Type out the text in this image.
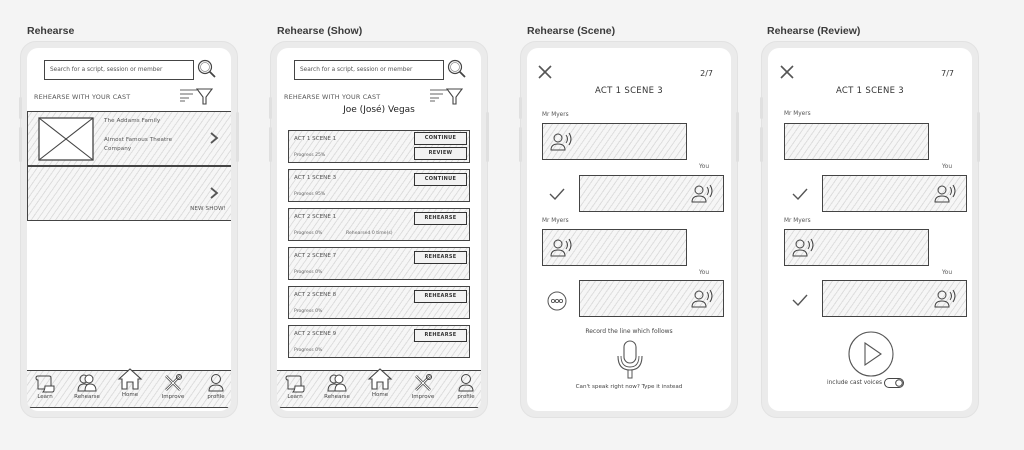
Rehearse	Rehearse (Show)	Rehearse (Scene)	Rehearse (Review)
Search for a script, session or member
REHEARSE WITH YOUR CAST
The Addams Family
Almost Famous Theatre Company
NEW SHOW!
Learn	Rehearse	Home	Improve	profile
Search for a script, session or member
REHEARSE WITH YOUR CAST
Joe (José) Vegas
ACT 1 SCENE 1
Progress 25%
CONTINUE
REVIEW
ACT 1 SCENE 3
Progress 95%
CONTINUE
ACT 2 SCENE 1
Progress 0%	Rehearsed 0 time(s)
REHEARSE
ACT 2 SCENE 7
Progress 0%
REHEARSE
ACT 2 SCENE 8
Progress 0%
REHEARSE
ACT 2 SCENE 9
Progress 0%
REHEARSE
Learn	Rehearse	Home	Improve	profile
2/7
ACT 1 SCENE 3
Mr Myers
You
Mr Myers
You
Record the line which follows
Can't speak right now? Type it instead
7/7
ACT 1 SCENE 3
Mr Myers
You
Mr Myers
You
include cast voices
